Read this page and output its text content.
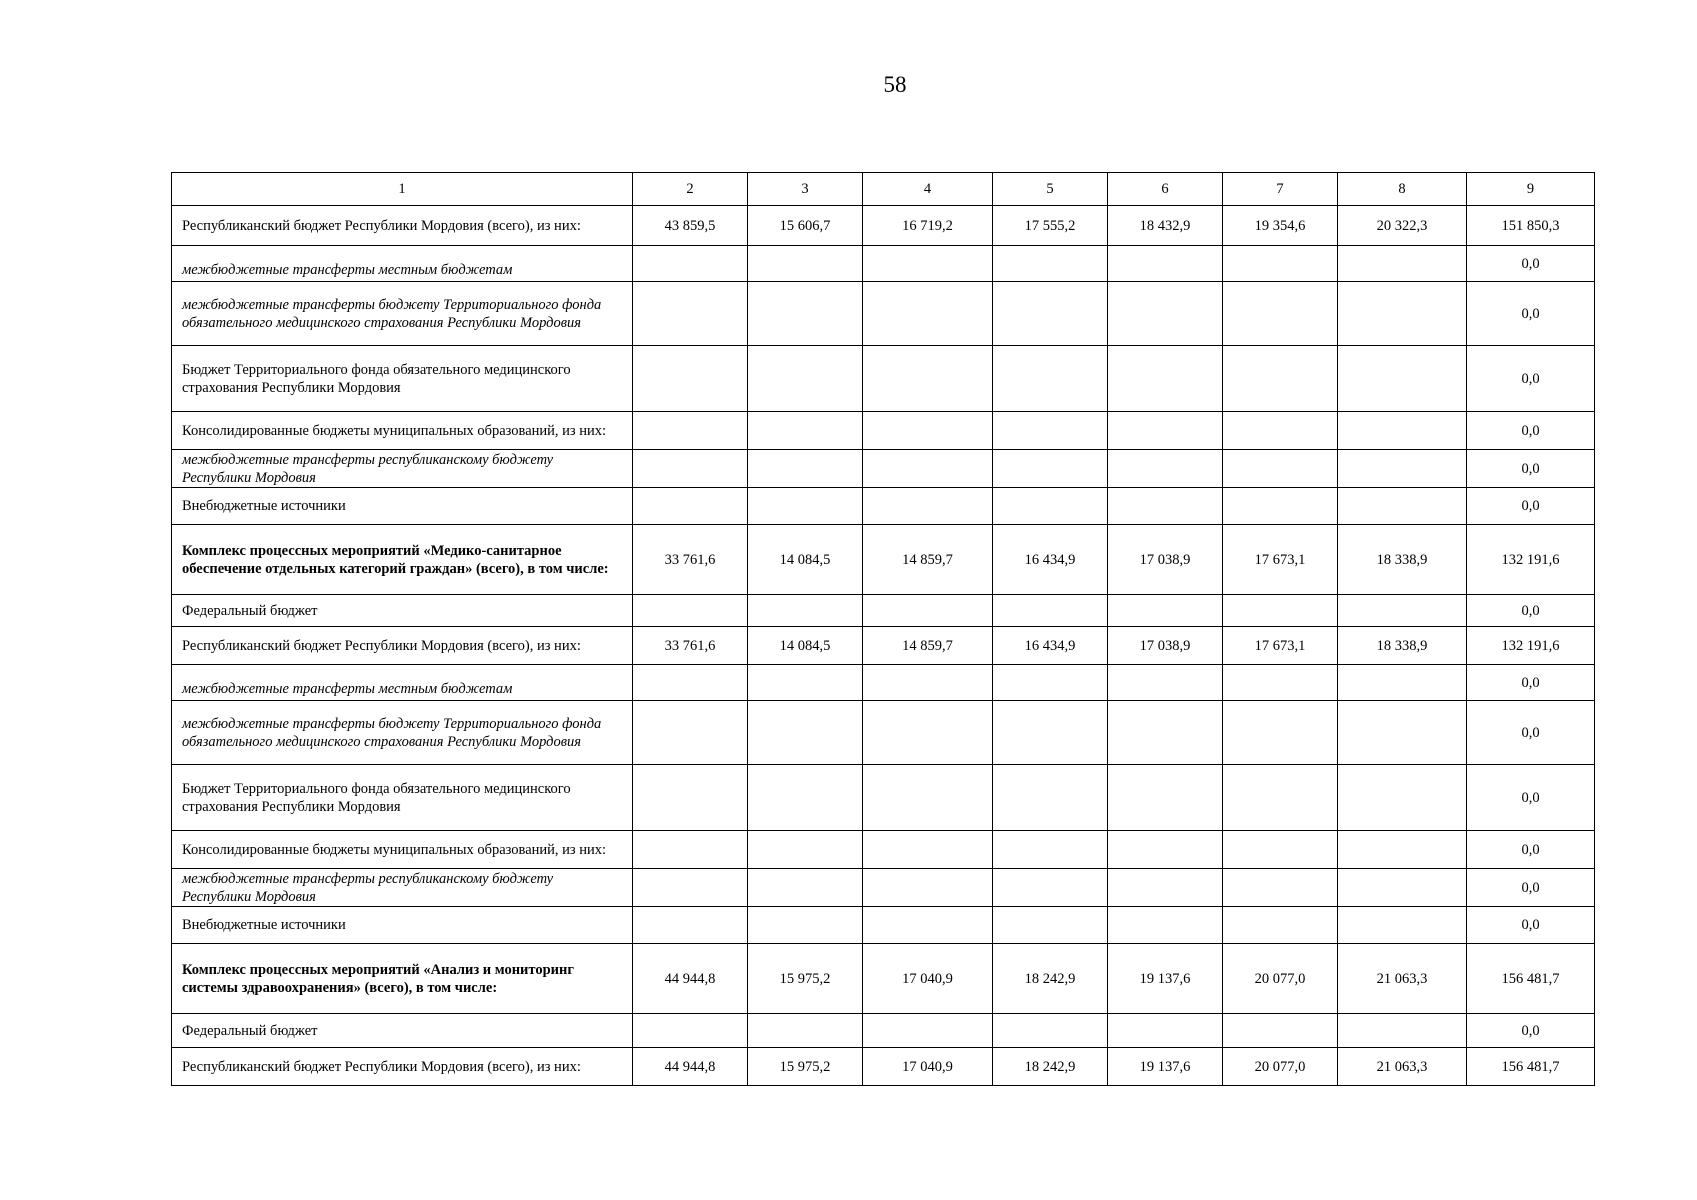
58
1	2	3	4	5	6	7	8	9
Республиканский бюджет Республики Мордовия (всего), из них:	43 859,5	15 606,7	16 719,2	17 555,2	18 432,9	19 354,6	20 322,3	151 850,3
межбюджетные трансферты местным бюджетам								0,0
межбюджетные трансферты бюджету Территориального фонда обязательного медицинского страхования Республики Мордовия								0,0
Бюджет Территориального фонда обязательного медицинского страхования Республики Мордовия								0,0
Консолидированные бюджеты муниципальных образований, из них:								0,0
межбюджетные трансферты республиканскому бюджету Республики Мордовия								0,0
Внебюджетные источники								0,0
Комплекс процессных мероприятий «Медико-санитарное обеспечение отдельных категорий граждан» (всего), в том числе:	33 761,6	14 084,5	14 859,7	16 434,9	17 038,9	17 673,1	18 338,9	132 191,6
Федеральный бюджет								0,0
Республиканский бюджет Республики Мордовия (всего), из них:	33 761,6	14 084,5	14 859,7	16 434,9	17 038,9	17 673,1	18 338,9	132 191,6
межбюджетные трансферты местным бюджетам								0,0
межбюджетные трансферты бюджету Территориального фонда обязательного медицинского страхования Республики Мордовия								0,0
Бюджет Территориального фонда обязательного медицинского страхования Республики Мордовия								0,0
Консолидированные бюджеты муниципальных образований, из них:								0,0
межбюджетные трансферты республиканскому бюджету Республики Мордовия								0,0
Внебюджетные источники								0,0
Комплекс процессных мероприятий «Анализ и мониторинг системы здравоохранения» (всего), в том числе:	44 944,8	15 975,2	17 040,9	18 242,9	19 137,6	20 077,0	21 063,3	156 481,7
Федеральный бюджет								0,0
Республиканский бюджет Республики Мордовия (всего), из них:	44 944,8	15 975,2	17 040,9	18 242,9	19 137,6	20 077,0	21 063,3	156 481,7
